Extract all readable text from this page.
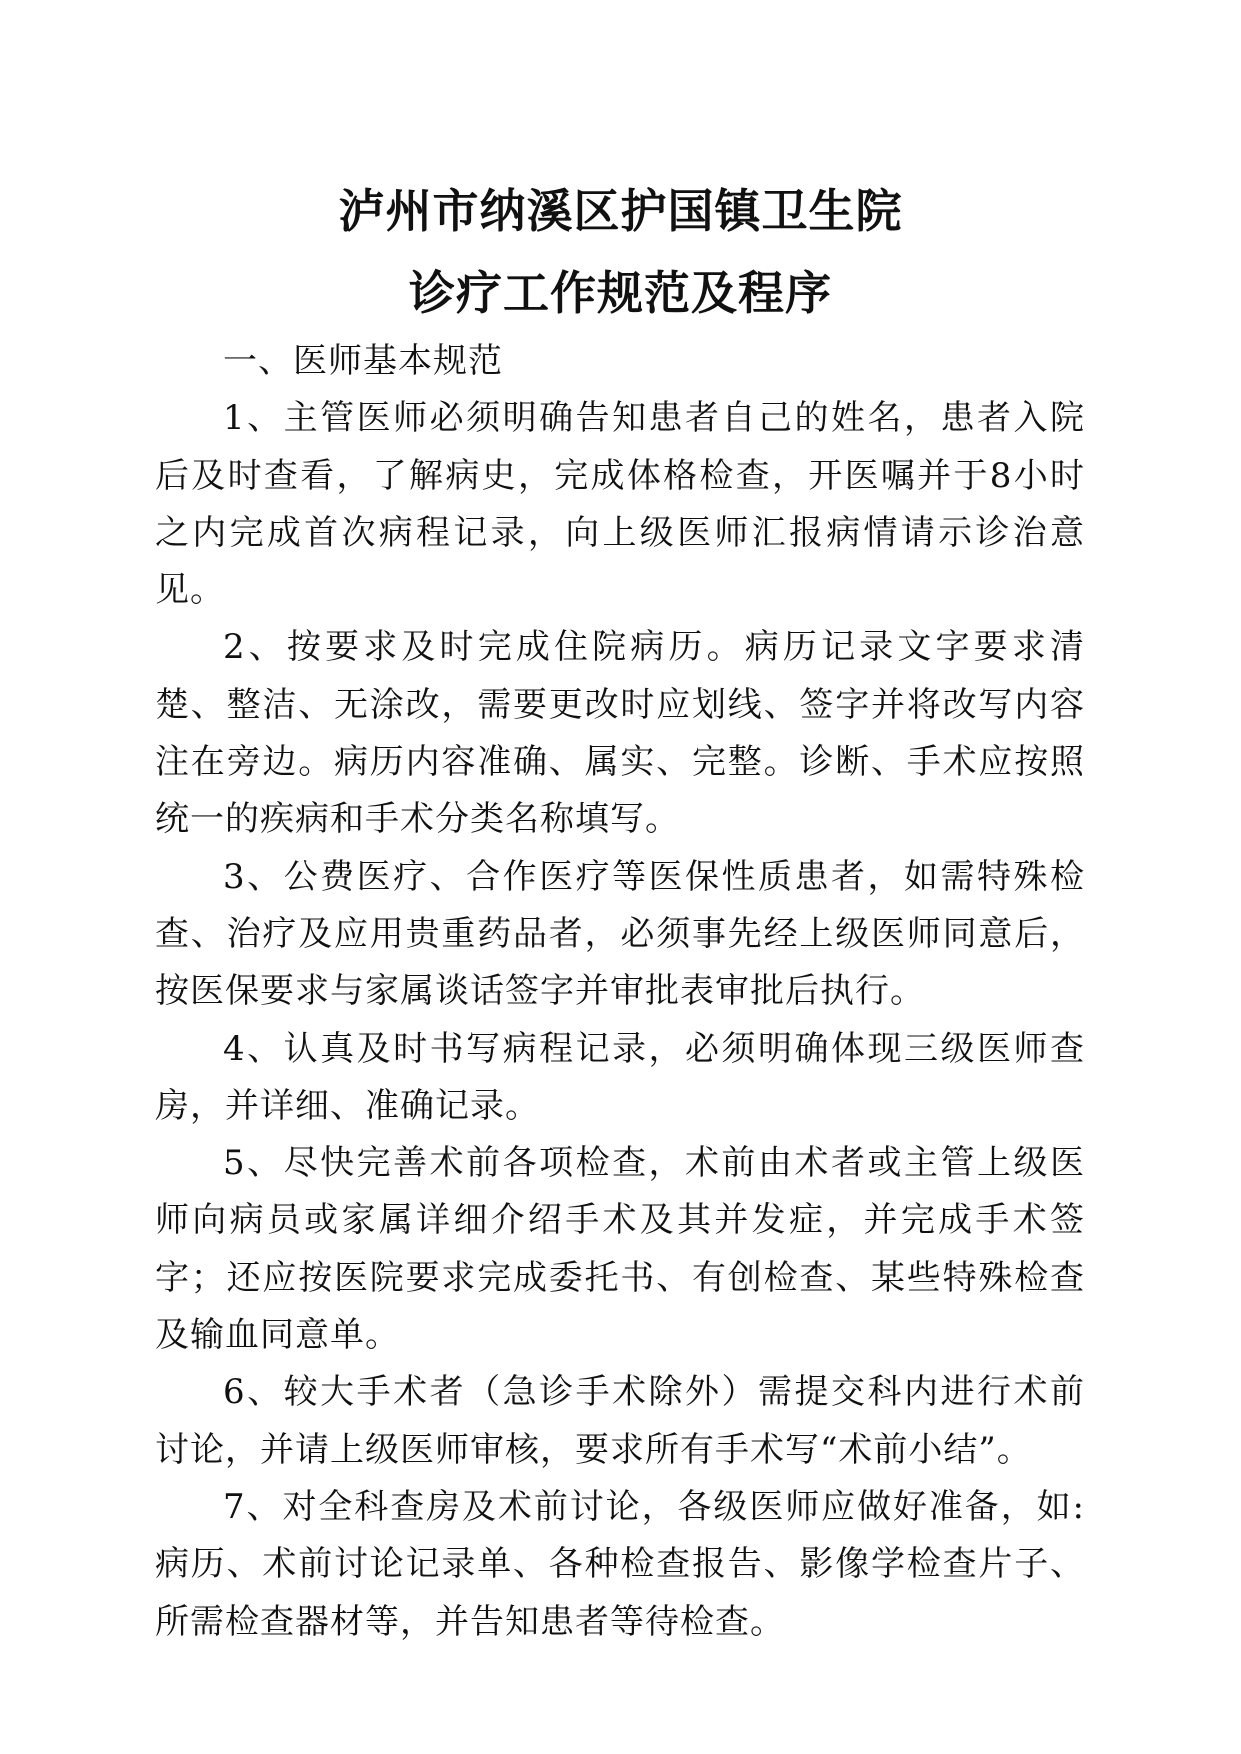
泸州市纳溪区护国镇卫生院
诊疗工作规范及程序

一、医师基本规范

1、主管医师必须明确告知患者自己的姓名，患者入院后及时查看，了解病史，完成体格检查，开医嘱并于8小时之内完成首次病程记录，向上级医师汇报病情请示诊治意见。

2、按要求及时完成住院病历。病历记录文字要求清楚、整洁、无涂改，需要更改时应划线、签字并将改写内容注在旁边。病历内容准确、属实、完整。诊断、手术应按照统一的疾病和手术分类名称填写。

3、公费医疗、合作医疗等医保性质患者，如需特殊检查、治疗及应用贵重药品者，必须事先经上级医师同意后，按医保要求与家属谈话签字并审批表审批后执行。

4、认真及时书写病程记录，必须明确体现三级医师查房，并详细、准确记录。

5、尽快完善术前各项检查，术前由术者或主管上级医师向病员或家属详细介绍手术及其并发症，并完成手术签字；还应按医院要求完成委托书、有创检查、某些特殊检查及输血同意单。

6、较大手术者（急诊手术除外）需提交科内进行术前讨论，并请上级医师审核，要求所有手术写“术前小结”。

7、对全科查房及术前讨论，各级医师应做好准备，如:病历、术前讨论记录单、各种检查报告、影像学检查片子、所需检查器材等，并告知患者等待检查。
